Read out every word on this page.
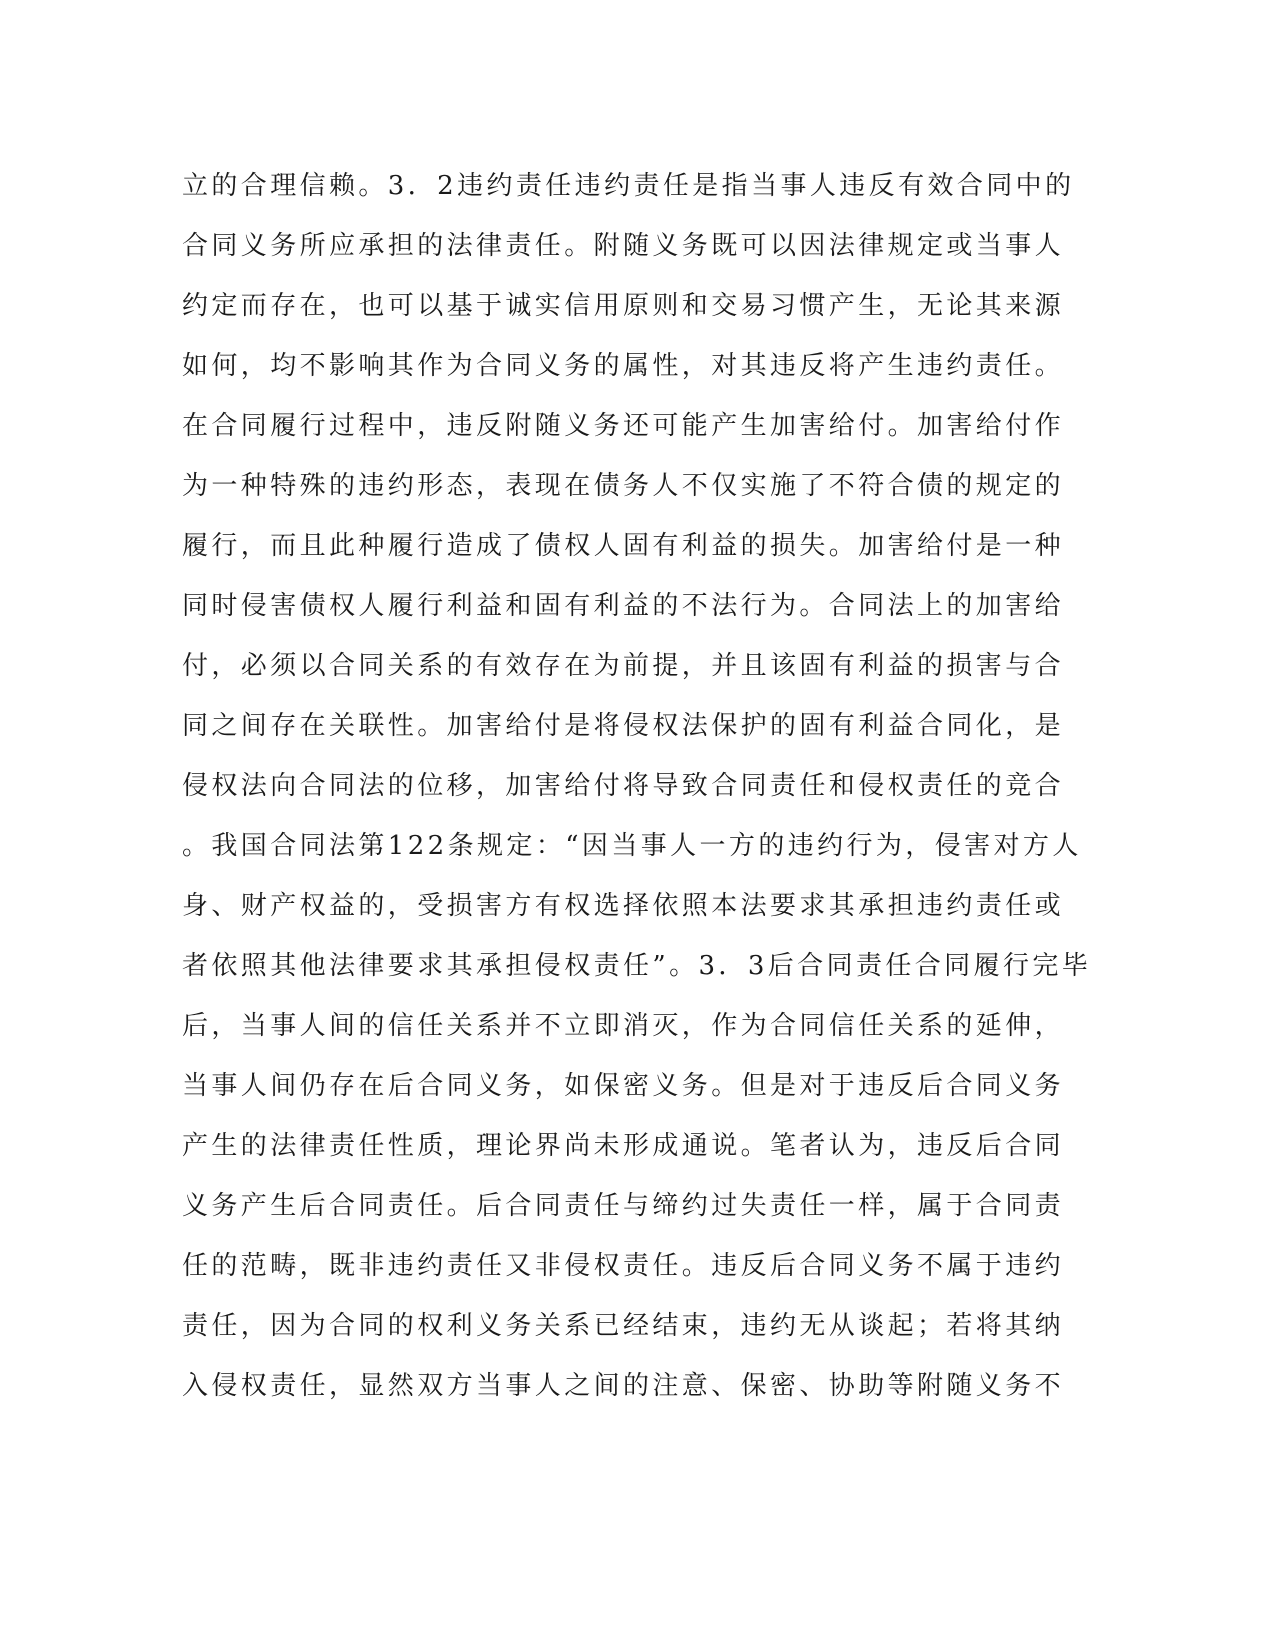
立的合理信赖。3．2违约责任违约责任是指当事人违反有效合同中的
合同义务所应承担的法律责任。附随义务既可以因法律规定或当事人
约定而存在，也可以基于诚实信用原则和交易习惯产生，无论其来源
如何，均不影响其作为合同义务的属性，对其违反将产生违约责任。
在合同履行过程中，违反附随义务还可能产生加害给付。加害给付作
为一种特殊的违约形态，表现在债务人不仅实施了不符合债的规定的
履行，而且此种履行造成了债权人固有利益的损失。加害给付是一种
同时侵害债权人履行利益和固有利益的不法行为。合同法上的加害给
付，必须以合同关系的有效存在为前提，并且该固有利益的损害与合
同之间存在关联性。加害给付是将侵权法保护的固有利益合同化，是
侵权法向合同法的位移，加害给付将导致合同责任和侵权责任的竞合
。我国合同法第122条规定：“因当事人一方的违约行为，侵害对方人
身、财产权益的，受损害方有权选择依照本法要求其承担违约责任或
者依照其他法律要求其承担侵权责任”。3．3后合同责任合同履行完毕
后，当事人间的信任关系并不立即消灭，作为合同信任关系的延伸，
当事人间仍存在后合同义务，如保密义务。但是对于违反后合同义务
产生的法律责任性质，理论界尚未形成通说。笔者认为，违反后合同
义务产生后合同责任。后合同责任与缔约过失责任一样，属于合同责
任的范畴，既非违约责任又非侵权责任。违反后合同义务不属于违约
责任，因为合同的权利义务关系已经结束，违约无从谈起；若将其纳
入侵权责任，显然双方当事人之间的注意、保密、协助等附随义务不
